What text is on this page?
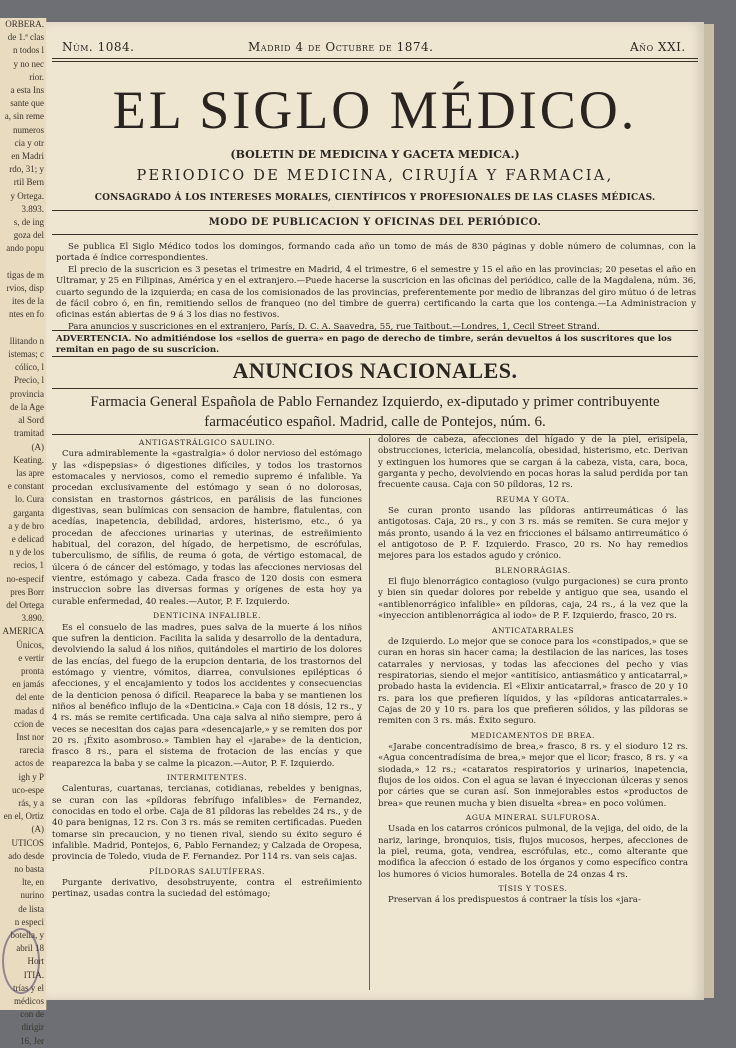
ORBERA.
de 1.ª clas
n todos l
y no nec
rior.
a esta Ins
sante que
a, sin reme
numeros
cia y otr
en Madri
rdo, 31; y
rtil Bern
y Ortega.
3.893.
s, de ing
goza del
ando popu

tigas de m
rvios, disp
ites de la
ntes en fo

llitando n
istemas; c
cólico, l
Precio, l
provincia
de la Age
al Sord
tramitad
(A)
Keating.
las apre
e constant
lo. Cura
garganta
a y de bro
e delicad
n y de los
recios, 1
no-especif
pres Borr
del Ortega
3.890.
AMERICA
Únicos,
e vertir
pronta
en jamás
del ente
madas d
ccion de
Inst nor
rarecia
actos de
igh y P
uco-espe
rás, y a
en el, Ortiz
(A)
UTICOS
ado desde
no basta
lte, en
nurino
de lista
n especi
botella, y
abril 18
Hort
ITIA.
trías y el
médicos
con de
dirigir
16, Jer
Núm. 1084.	Madrid 4 de Octubre de 1874.	Año XXI.
EL SIGLO MÉDICO.
(BOLETIN DE MEDICINA Y GACETA MEDICA.)
PERIODICO DE MEDICINA, CIRUJÍA Y FARMACIA,
CONSAGRADO Á LOS INTERESES MORALES, CIENTÍFICOS Y PROFESIONALES DE LAS CLASES MÉDICAS.
MODO DE PUBLICACION Y OFICINAS DEL PERIÓDICO.

Se publica El Siglo Médico todos los domingos, formando cada año un tomo de más de 830 páginas y doble número de columnas, con la portada é índice correspondientes.

El precio de la suscricion es 3 pesetas el trimestre en Madrid, 4 el trimestre, 6 el semestre y 15 el año en las provincias; 20 pesetas el año en Ultramar, y 25 en Filipinas, América y en el extranjero.—Puede hacerse la suscricion en las oficinas del periódico, calle de la Magdalena, núm. 36, cuarto segundo de la izquierda; en casa de los comisionados de las provincias, preferentemente por medio de libranzas del giro mútuo ó de letras de fácil cobro ó, en fin, remitiendo sellos de franqueo (no del timbre de guerra) certificando la carta que los contenga.—La Administracion y oficinas están abiertas de 9 á 3 los dias no festivos.

Para anuncios y suscriciones en el extranjero, París, D. C. A. Saavedra, 55, rue Taitbout.—Londres, 1, Cecil Street Strand.

ADVERTENCIA. No admitiéndose los «sellos de guerra» en pago de derecho de timbre, serán devueltos á los suscritores que los remitan en pago de su suscricion.
ANUNCIOS NACIONALES.
Farmacia General Española de Pablo Fernandez Izquierdo, ex-diputado y primer contribuyente farmacéutico español. Madrid, calle de Pontejos, núm. 6.
ANTIGASTRÁLGICO SAULINO.

Cura admirablemente la «gastralgia» ó dolor nervioso del estómago y las «dispepsias» ó digestiones difíciles, y todos los trastornos estomacales y nerviosos, como el remedio supremo é infalible. Ya procedan exclusivamente del estómago y sean ó no dolorosas, consistan en trastornos gástricos, en parálisis de las funciones digestivas, sean bulímicas con sensacion de hambre, flatulentas, con acedías, inapetencia, debilidad, ardores, histerismo, etc., ó ya procedan de afecciones urinarias y uterinas, de estreñimiento habitual, del corazon, del hígado, de herpetismo, de escrófulas, tuberculismo, de sífilis, de reuma ó gota, de vértigo estomacal, de úlcera ó de cáncer del estómago, y todas las afecciones nerviosas del vientre, estómago y cabeza. Cada frasco de 120 dosis con esmera instruccion sobre las diversas formas y orígenes de esta hoy ya curable enfermedad, 40 reales.—Autor, P. F. Izquierdo.

DENTICINA INFALIBLE.

Es el consuelo de las madres, pues salva de la muerte á los niños que sufren la denticion. Facilita la salida y desarrollo de la dentadura, devolviendo la salud á los niños, quitándoles el martirio de los dolores de las encías, del fuego de la erupcion dentaria, de los trastornos del estómago y vientre, vómitos, diarrea, convulsiones epilépticas ó afecciones, y el encajamiento y todos los accidentes y consecuencias de la denticion penosa ó difícil. Reaparece la baba y se mantienen los niños al benéfico influjo de la «Denticina.» Caja con 18 dósis, 12 rs., y 4 rs. más se remite certificada. Una caja salva al niño siempre, pero á veces se necesitan dos cajas para «desencajarle,» y se remiten dos por 20 rs. ¡Éxito asombroso.» Tambien hay el «jarabe» de la denticion, frasco 8 rs., para el sistema de frotacion de las encías y que reaparezca la baba y se calme la picazon.—Autor, P. F. Izquierdo.

INTERMITENTES.

Calenturas, cuartanas, tercianas, cotidianas, rebeldes y benignas, se curan con las «píldoras febrífugo infalibles» de Fernandez, conocidas en todo el orbe. Caja de 81 píldoras las rebeldes 24 rs., y de 40 para benignas, 12 rs. Con 3 rs. más se remiten certificadas. Pueden tomarse sin precaucion, y no tienen rival, siendo su éxito seguro é infalible. Madrid, Pontejos, 6, Pablo Fernandez; y Calzada de Oropesa, provincia de Toledo, viuda de F. Fernandez. Por 114 rs. van seis cajas.

PÍLDORAS SALUTÍFERAS.

Purgante derivativo, desobstruyente, contra el estreñimiento pertinaz, usadas contra la suciedad del estómago;

dolores de cabeza, afecciones del hígado y de la piel, erisipela, obstrucciones, ictericia, melancolía, obesidad, histerismo, etc. Derivan y extinguen los humores que se cargan á la cabeza, vista, cara, boca, garganta y pecho, devolviendo en pocas horas la salud perdida por tan frecuente causa. Caja con 50 píldoras, 12 rs.

REUMA Y GOTA.

Se curan pronto usando las píldoras antirreumáticas ó las antigotosas. Caja, 20 rs., y con 3 rs. más se remiten. Se cura mejor y más pronto, usando á la vez en fricciones el bálsamo antirreumático ó el antigotoso de P. F. Izquierdo. Frasco, 20 rs. No hay remedios mejores para los estados agudo y crónico.

BLENORRÁGIAS.

El flujo blenorrágico contagioso (vulgo purgaciones) se cura pronto y bien sin quedar dolores por rebelde y antiguo que sea, usando el «antiblenorrágico infalible» en píldoras, caja, 24 rs., á la vez que la «inyeccion antiblenorrágica al iodo» de P. F. Izquierdo, frasco, 20 rs.

ANTICATARRALES

de Izquierdo. Lo mejor que se conoce para los «constipados,» que se curan en horas sin hacer cama; la destilacion de las narices, las toses catarrales y nerviosas, y todas las afecciones del pecho y vias respiratorias, siendo el mejor «antitísico, antiasmático y anticatarral,» probado hasta la evidencia. El «Elixir anticatarral,» frasco de 20 y 10 rs. para los que prefieren líquidos, y las «píldoras anticatarrales.» Cajas de 20 y 10 rs. para los que prefieren sólidos, y las píldoras se remiten con 3 rs. más. Éxito seguro.

MEDICAMENTOS DE BREA.

«Jarabe concentradísimo de brea,» frasco, 8 rs. y el sioduro 12 rs. «Agua concentradísima de brea,» mejor que el licor; frasco, 8 rs. y «a siodada,» 12 rs.; «cataratos respiratorios y urinarios, inapetencia, flujos de los oidos. Con el agua se lavan é inyeccionan úlceras y senos por cáries que se curan así. Son inmejorables estos «productos de brea» que reunen mucha y bien disuelta «brea» en poco volúmen.

AGUA MINERAL SULFUROSA.

Usada en los catarros crónicos pulmonal, de la vejiga, del oido, de la nariz, laringe, bronquios, tisis, flujos mucosos, herpes, afecciones de la piel, reuma, gota, vendrea, escrófulas, etc., como alterante que modifica la afeccion ó estado de los órganos y como específico contra los humores ó vicios humorales. Botella de 24 onzas 4 rs.

TÍSIS Y TOSES.

Preservan á los predispuestos á contraer la tísis los «jara-
